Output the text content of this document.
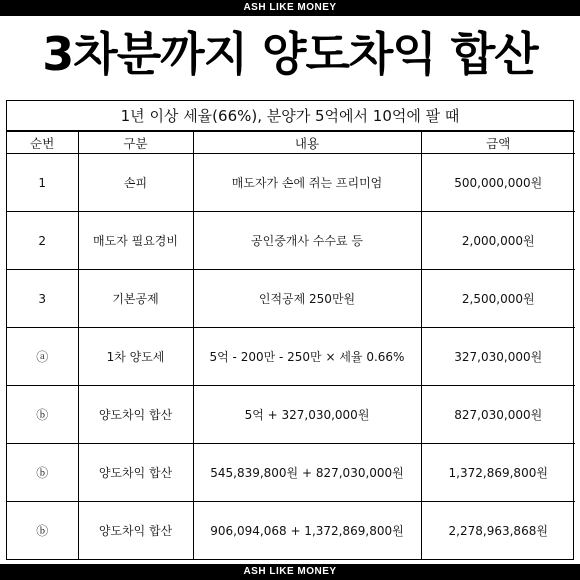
ASH LIKE MONEY
3차분까지 양도차익 합산
1년 이상 세율(66%), 분양가 5억에서 10억에 팔 때
순번	구분	내용	금액
1	손피	매도자가 손에 쥐는 프리미엄	500,000,000원
2	매도자 필요경비	공인중개사 수수료 등	2,000,000원
3	기본공제	인적공제 250만원	2,500,000원
ⓐ	1차 양도세	5억 - 200만 - 250만 × 세율 0.66%	327,030,000원
ⓑ	양도차익 합산	5억 + 327,030,000원	827,030,000원
ⓑ	양도차익 합산	545,839,800원 + 827,030,000원	1,372,869,800원
ⓑ	양도차익 합산	906,094,068 + 1,372,869,800원	2,278,963,868원
ASH LIKE MONEY
